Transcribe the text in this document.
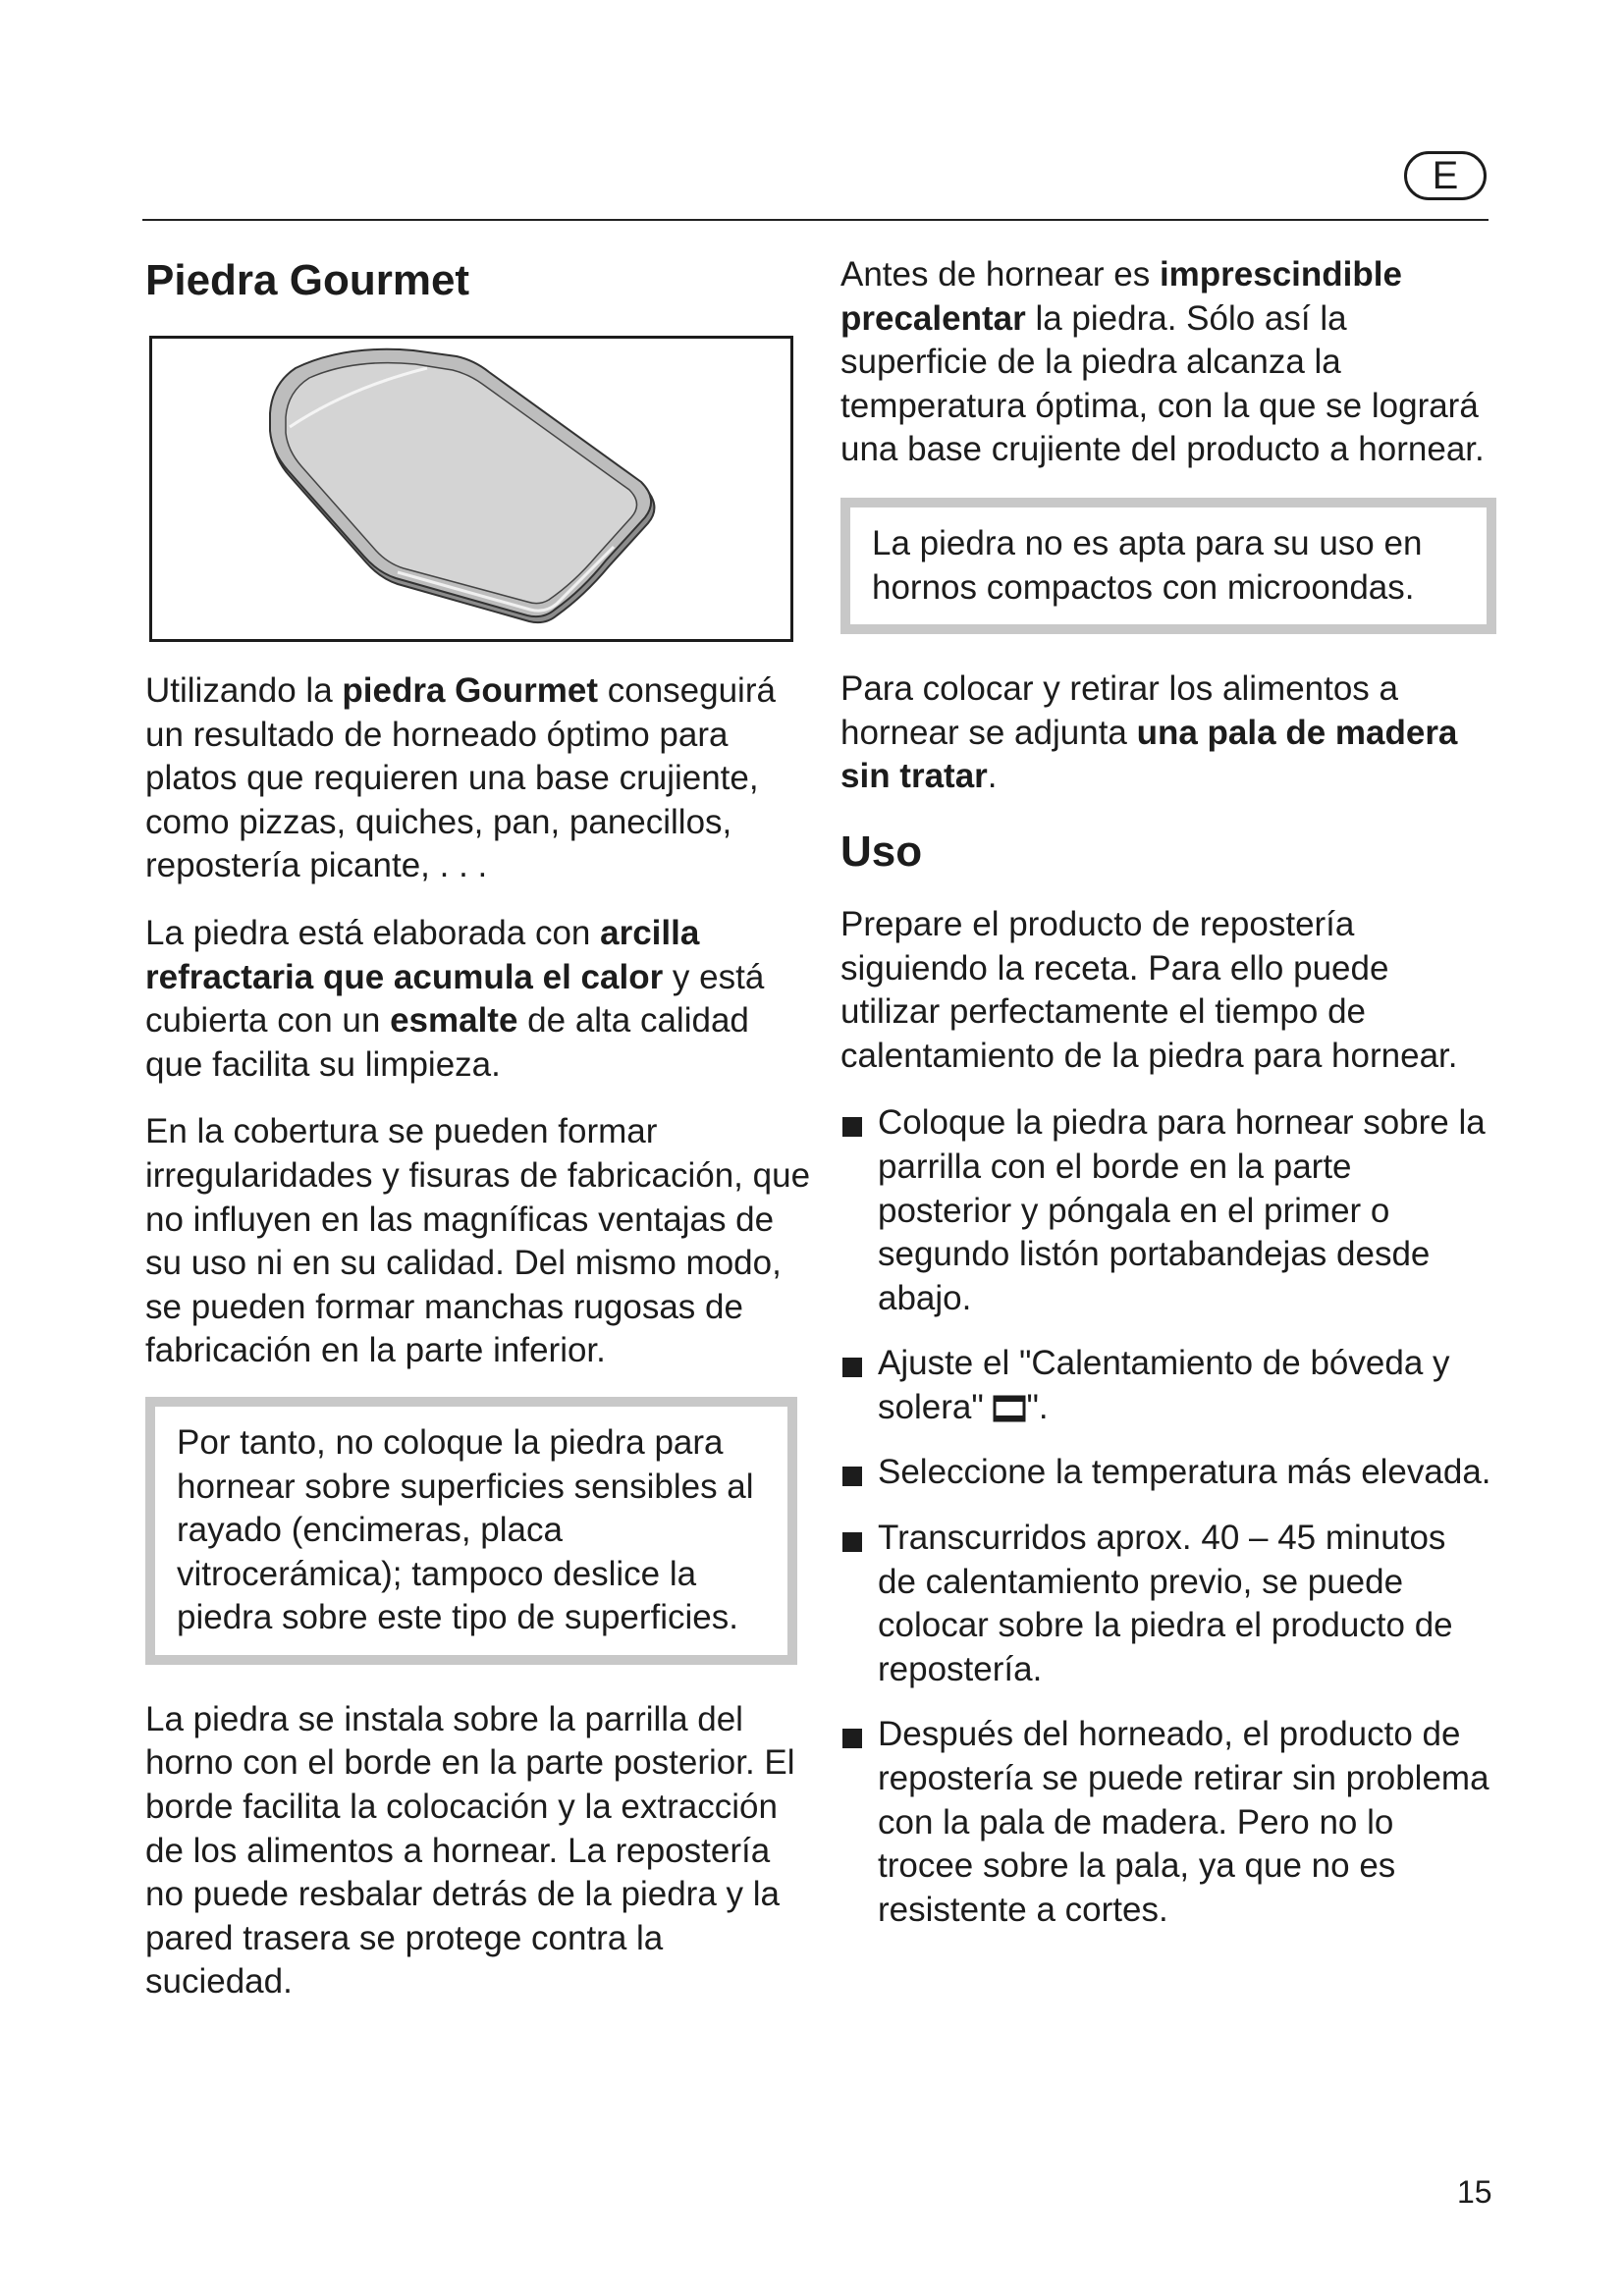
E
Piedra Gourmet

Utilizando la piedra Gourmet conseguirá un resultado de horneado óptimo para platos que requieren una base crujiente, como pizzas, quiches, pan, panecillos, repostería picante, . . .

La piedra está elaborada con arcilla refractaria que acumula el calor y está cubierta con un esmalte de alta calidad que facilita su limpieza.

En la cobertura se pueden formar irregularidades y fisuras de fabricación, que no influyen en las magníficas ventajas de su uso ni en su calidad. Del mismo modo, se pueden formar manchas rugosas de fabricación en la parte inferior.

Por tanto, no coloque la piedra para hornear sobre superficies sensibles al rayado (encimeras, placa vitrocerámica); tampoco deslice la piedra sobre este tipo de superficies.

La piedra se instala sobre la parrilla del horno con el borde en la parte posterior. El borde facilita la colocación y la extracción de los alimentos a hornear. La repostería no puede resbalar detrás de la piedra y la pared trasera se protege contra la suciedad.

Antes de hornear es imprescindible precalentar la piedra. Sólo así la superficie de la piedra alcanza la temperatura óptima, con la que se logrará una base crujiente del producto a hornear.

La piedra no es apta para su uso en hornos compactos con microondas.

Para colocar y retirar los alimentos a hornear se adjunta una pala de madera sin tratar.

Uso

Prepare el producto de repostería siguiendo la receta. Para ello puede utilizar perfectamente el tiempo de calentamiento de la piedra para hornear.

Coloque la piedra para hornear sobre la parrilla con el borde en la parte posterior y póngala en el primer o segundo listón portabandejas desde abajo.
Ajuste el "Calentamiento de bóveda y solera" ".
Seleccione la temperatura más elevada.
Transcurridos aprox. 40 – 45 minutos de calentamiento previo, se puede colocar sobre la piedra el producto de repostería.
Después del horneado, el producto de repostería se puede retirar sin problema con la pala de madera. Pero no lo trocee sobre la pala, ya que no es resistente a cortes.
15
